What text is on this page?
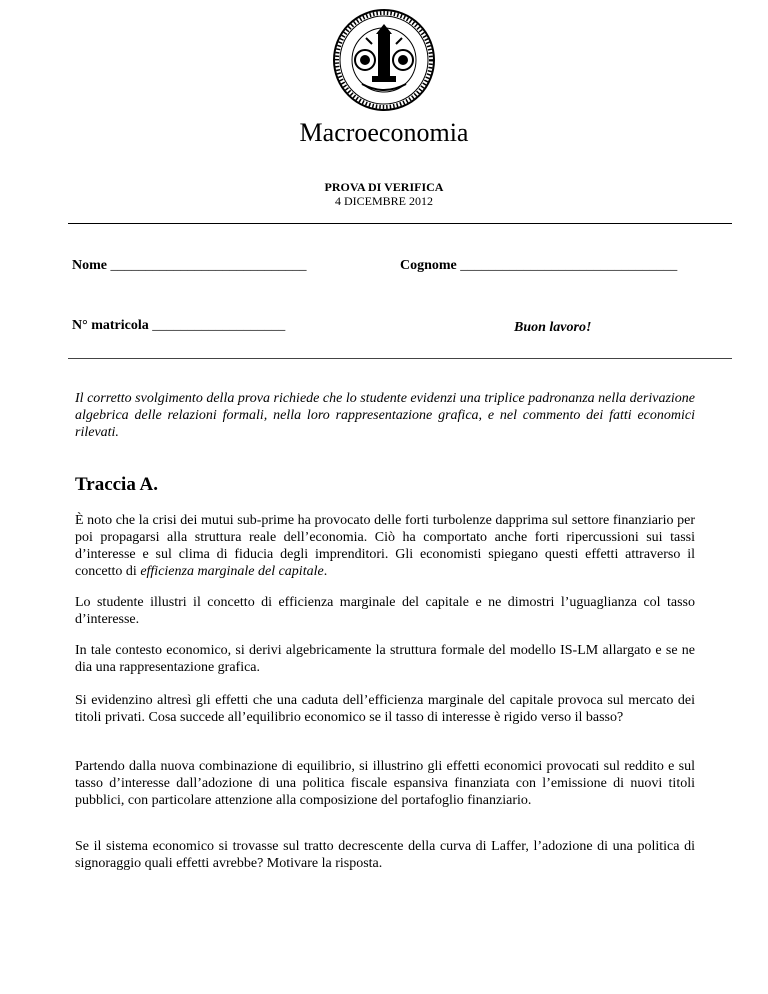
Macroeconomia
PROVA DI VERIFICA
4 DICEMBRE 2012
Nome ____________________________	Cognome _______________________________
N° matricola ___________________	Buon lavoro!
Il corretto svolgimento della prova richiede che lo studente evidenzi una triplice padronanza nella derivazione algebrica delle relazioni formali, nella loro rappresentazione grafica, e nel commento dei fatti economici rilevati.
Traccia A.

È noto che la crisi dei mutui sub-prime ha provocato delle forti turbolenze dapprima sul settore finanziario per poi propagarsi alla struttura reale dell’economia. Ciò ha comportato anche forti ripercussioni sui tassi d’interesse e sul clima di fiducia degli imprenditori. Gli economisti spiegano questi effetti attraverso il concetto di efficienza marginale del capitale.

Lo studente illustri il concetto di efficienza marginale del capitale e ne dimostri l’uguaglianza col tasso d’interesse.

In tale contesto economico, si derivi algebricamente la struttura formale del modello IS-LM allargato e se ne dia una rappresentazione grafica.

Si evidenzino altresì gli effetti che una caduta dell’efficienza marginale del capitale provoca sul mercato dei titoli privati. Cosa succede all’equilibrio economico se il tasso di interesse è rigido verso il basso?

Partendo dalla nuova combinazione di equilibrio, si illustrino gli effetti economici provocati sul reddito e sul tasso d’interesse dall’adozione di una politica fiscale espansiva finanziata con l’emissione di nuovi titoli pubblici, con particolare attenzione alla composizione del portafoglio finanziario.

Se il sistema economico si trovasse sul tratto decrescente della curva di Laffer, l’adozione di una politica di signoraggio quali effetti avrebbe? Motivare la risposta.
